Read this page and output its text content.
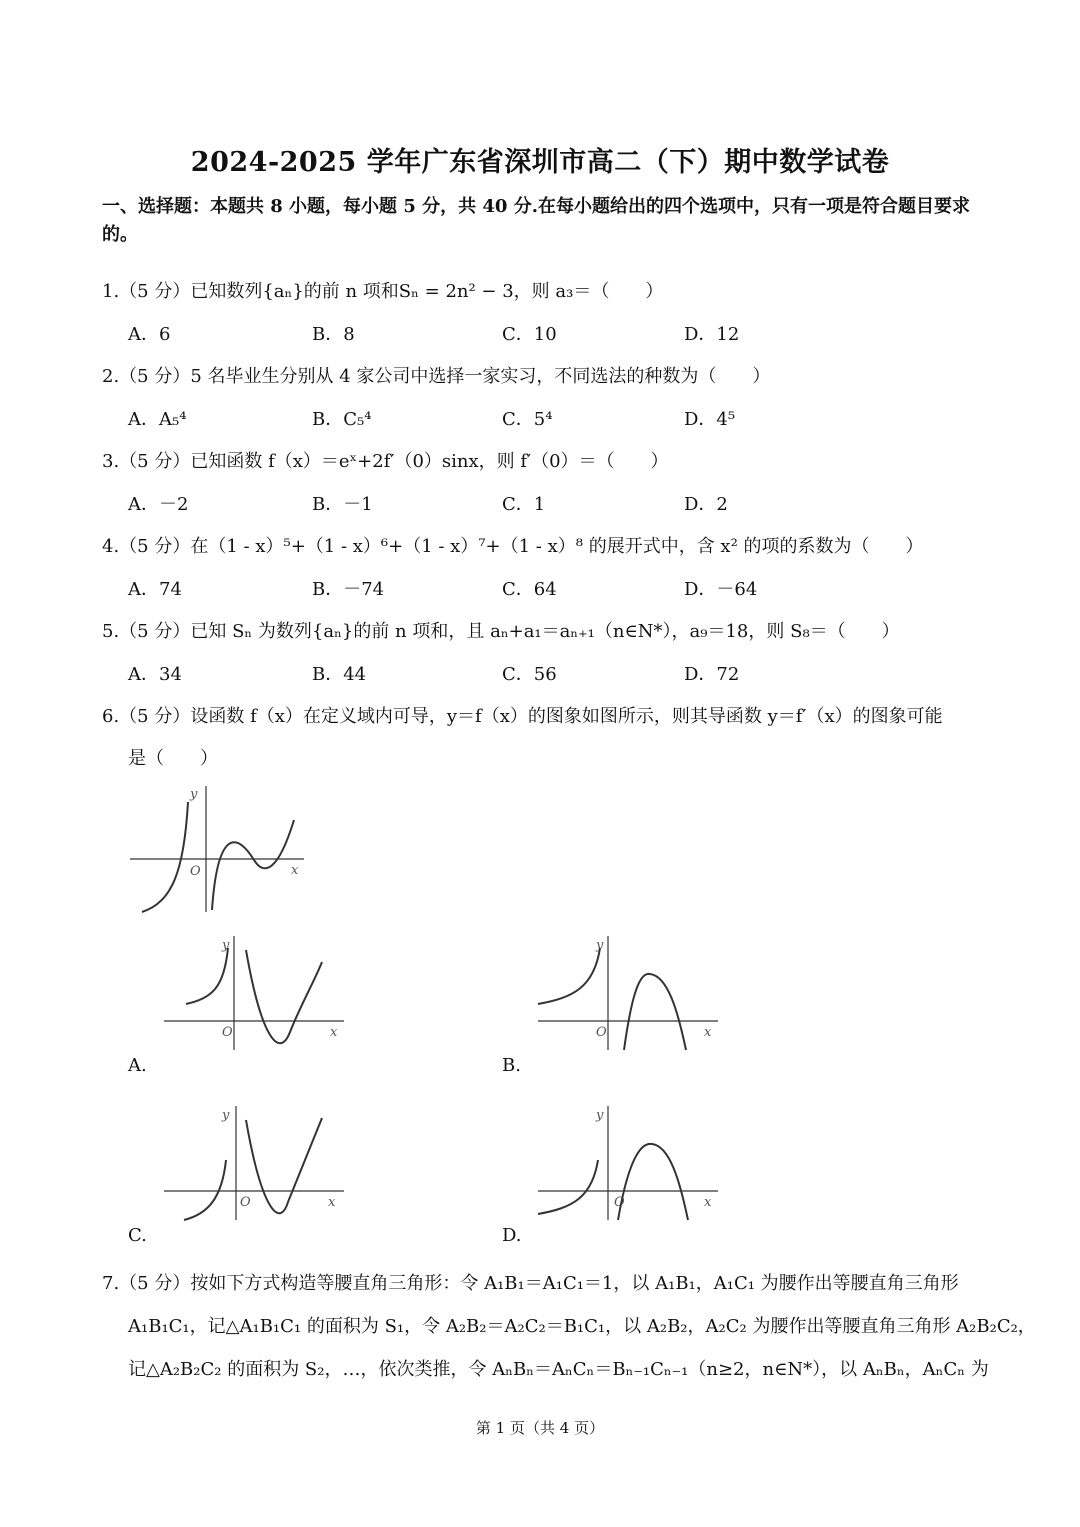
2024-2025 学年广东省深圳市高二（下）期中数学试卷
一、选择题：本题共 8 小题，每小题 5 分，共 40 分.在每小题给出的四个选项中，只有一项是符合题目要求的。
1.（5 分）已知数列{aₙ}的前 n 项和Sₙ = 2n² − 3，则 a₃＝（　　）
A．6	B．8	C．10	D．12
2.（5 分）5 名毕业生分别从 4 家公司中选择一家实习，不同选法的种数为（　　）
A．A₅⁴	B．C₅⁴	C．5⁴	D．4⁵
3.（5 分）已知函数 f（x）＝eˣ+2f′（0）sinx，则 f′（0）＝（　　）
A．－2	B．－1	C．1	D．2
4.（5 分）在（1 - x）⁵+（1 - x）⁶+（1 - x）⁷+（1 - x）⁸ 的展开式中，含 x² 的项的系数为（　　）
A．74	B．－74	C．64	D．－64
5.（5 分）已知 Sₙ 为数列{aₙ}的前 n 项和，且 aₙ+a₁＝aₙ₊₁（n∈N*），a₉＝18，则 S₈＝（　　）
A．34	B．44	C．56	D．72
6.（5 分）设函数 f（x）在定义域内可导，y＝f（x）的图象如图所示，则其导函数 y＝f′（x）的图象可能
是（　　）
y
x
O
y
x
O
A.
y
x
O
B.
y
x
O
C.
y
x
O
D.
7.（5 分）按如下方式构造等腰直角三角形：令 A₁B₁＝A₁C₁＝1，以 A₁B₁，A₁C₁ 为腰作出等腰直角三角形
A₁B₁C₁，记△A₁B₁C₁ 的面积为 S₁，令 A₂B₂＝A₂C₂＝B₁C₁，以 A₂B₂，A₂C₂ 为腰作出等腰直角三角形 A₂B₂C₂，
记△A₂B₂C₂ 的面积为 S₂，…，依次类推，令 AₙBₙ＝AₙCₙ＝Bₙ₋₁Cₙ₋₁（n≥2，n∈N*），以 AₙBₙ，AₙCₙ 为
第 1 页（共 4 页）
